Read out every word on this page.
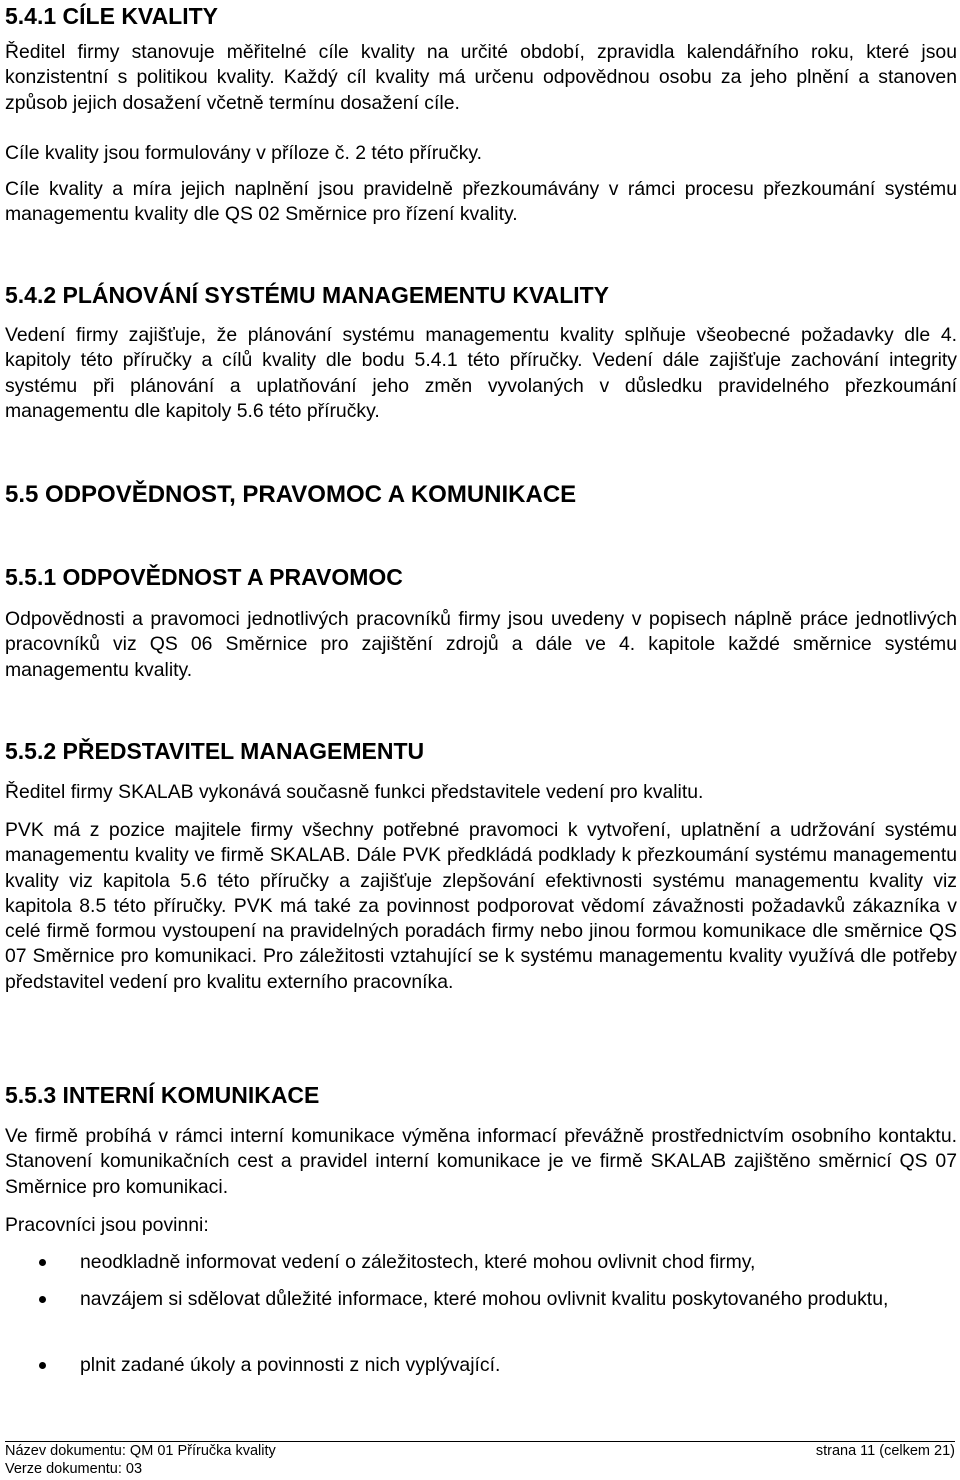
5.4.1 CÍLE KVALITY

Ředitel firmy stanovuje měřitelné cíle kvality na určité období, zpravidla kalendářního roku, které jsou konzistentní s politikou kvality. Každý cíl kvality má určenu odpovědnou osobu za jeho plnění a stanoven způsob jejich dosažení včetně termínu dosažení cíle.

Cíle kvality jsou formulovány v příloze č. 2 této příručky.

Cíle kvality a míra jejich naplnění jsou pravidelně přezkoumávány v rámci procesu přezkoumání systému managementu kvality dle QS 02 Směrnice pro řízení kvality.

5.4.2 PLÁNOVÁNÍ SYSTÉMU MANAGEMENTU KVALITY

Vedení firmy zajišťuje, že plánování systému managementu kvality splňuje všeobecné požadavky dle 4. kapitoly této příručky a cílů kvality dle bodu 5.4.1 této příručky. Vedení dále zajišťuje zachování integrity systému při plánování a uplatňování jeho změn vyvolaných v důsledku pravidelného přezkoumání managementu dle kapitoly 5.6 této příručky.

5.5 ODPOVĚDNOST, PRAVOMOC A KOMUNIKACE
5.5.1 ODPOVĚDNOST A PRAVOMOC

Odpovědnosti a pravomoci jednotlivých pracovníků firmy jsou uvedeny v popisech náplně práce jednotlivých pracovníků viz QS 06 Směrnice pro zajištění zdrojů a dále ve 4. kapitole každé směrnice systému managementu kvality.

5.5.2 PŘEDSTAVITEL MANAGEMENTU

Ředitel firmy SKALAB vykonává současně funkci představitele vedení pro kvalitu.

PVK má z pozice majitele firmy všechny potřebné pravomoci k vytvoření, uplatnění a udržování systému managementu kvality ve firmě SKALAB. Dále PVK předkládá podklady k přezkoumání systému managementu kvality viz kapitola 5.6 této příručky a zajišťuje zlepšování efektivnosti systému managementu kvality viz kapitola 8.5 této příručky. PVK má také za povinnost podporovat vědomí závažnosti požadavků zákazníka v celé firmě formou vystoupení na pravidelných poradách firmy nebo jinou formou komunikace dle směrnice QS 07 Směrnice pro komunikaci. Pro záležitosti vztahující se k systému managementu kvality využívá dle potřeby představitel vedení pro kvalitu externího pracovníka.

5.5.3 INTERNÍ KOMUNIKACE

Ve firmě probíhá v rámci interní komunikace výměna informací převážně prostřednictvím osobního kontaktu. Stanovení komunikačních cest a pravidel interní komunikace je ve firmě SKALAB zajištěno směrnicí QS 07 Směrnice pro komunikaci.

Pracovníci jsou povinni:

neodkladně informovat vedení o záležitostech, které mohou ovlivnit chod firmy,
navzájem si sdělovat důležité informace, které mohou ovlivnit kvalitu poskytovaného produktu,
plnit zadané úkoly a povinnosti z nich vyplývající.
Název dokumentu: QM 01 Příručka kvality	strana 11 (celkem 21)
Verze dokumentu: 03
